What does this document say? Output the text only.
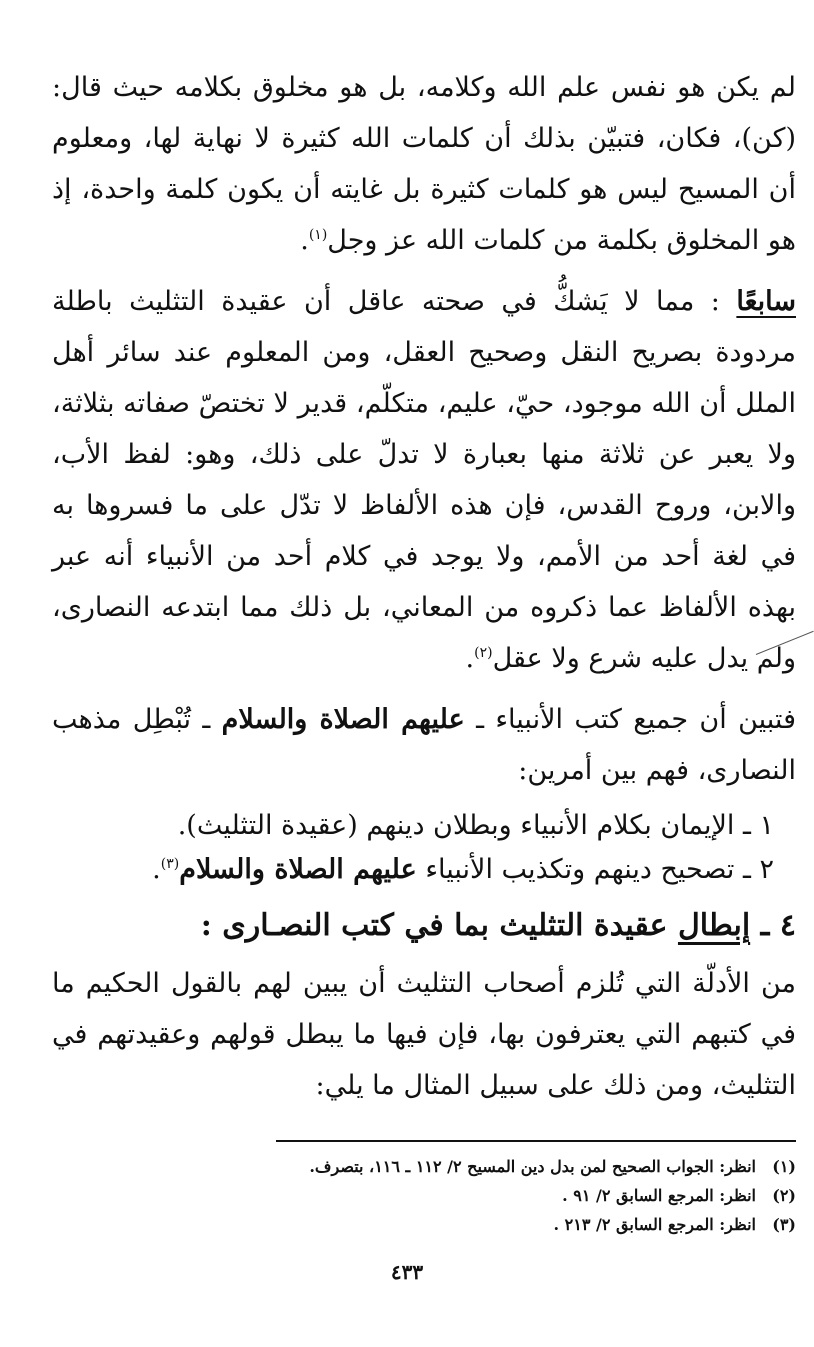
لم يكن هو نفس علم الله وكلامه، بل هو مخلوق بكلامه حيث قال: (كن)، فكان، فتبيّن بذلك أن كلمات الله كثيرة لا نهاية لها، ومعلوم أن المسيح ليس هو كلمات كثيرة بل غايته أن يكون كلمة واحدة، إذ هو المخلوق بكلمة من كلمات الله عز وجل$^{(١)}$.

سابعًا : مما لا يَشكُّ في صحته عاقل أن عقيدة التثليث باطلة مردودة بصريح النقل وصحيح العقل، ومن المعلوم عند سائر أهل الملل أن الله موجود، حيّ، عليم، متكلّم، قدير لا تختصّ صفاته بثلاثة، ولا يعبر عن ثلاثة منها بعبارة لا تدلّ على ذلك، وهو: لفظ الأب، والابن، وروح القدس، فإن هذه الألفاظ لا تدّل على ما فسروها به في لغة أحد من الأمم، ولا يوجد في كلام أحد من الأنبياء أنه عبر بهذه الألفاظ عما ذكروه من المعاني، بل ذلك مما ابتدعه النصارى، ولم يدل عليه شرع ولا عقل$^{(٢)}$.

فتبين أن جميع كتب الأنبياء ـ عليهم الصلاة والسلام ـ تُبْطِل مذهب النصارى، فهم بين أمرين:

١ ـ الإيمان بكلام الأنبياء وبطلان دينهم (عقيدة التثليث).
٢ ـ تصحيح دينهم وتكذيب الأنبياء عليهم الصلاة والسلام$^{(٣)}$.
٤ ـ إبطال عقيدة التثليث بما في كتب النصـارى :

من الأدلّة التي تُلزم أصحاب التثليث أن يبين لهم بالقول الحكيم ما في كتبهم التي يعترفون بها، فإن فيها ما يبطل قولهم وعقيدتهم في التثليث، ومن ذلك على سبيل المثال ما يلي:

(١)انظر: الجواب الصحيح لمن بدل دين المسيح ٢/ ١١٢ ـ ١١٦، بتصرف.
(٢)انظر: المرجع السابق ٢/ ٩١ .
(٣)انظر: المرجع السابق ٢/ ٢١٣ .
٤٣٣
